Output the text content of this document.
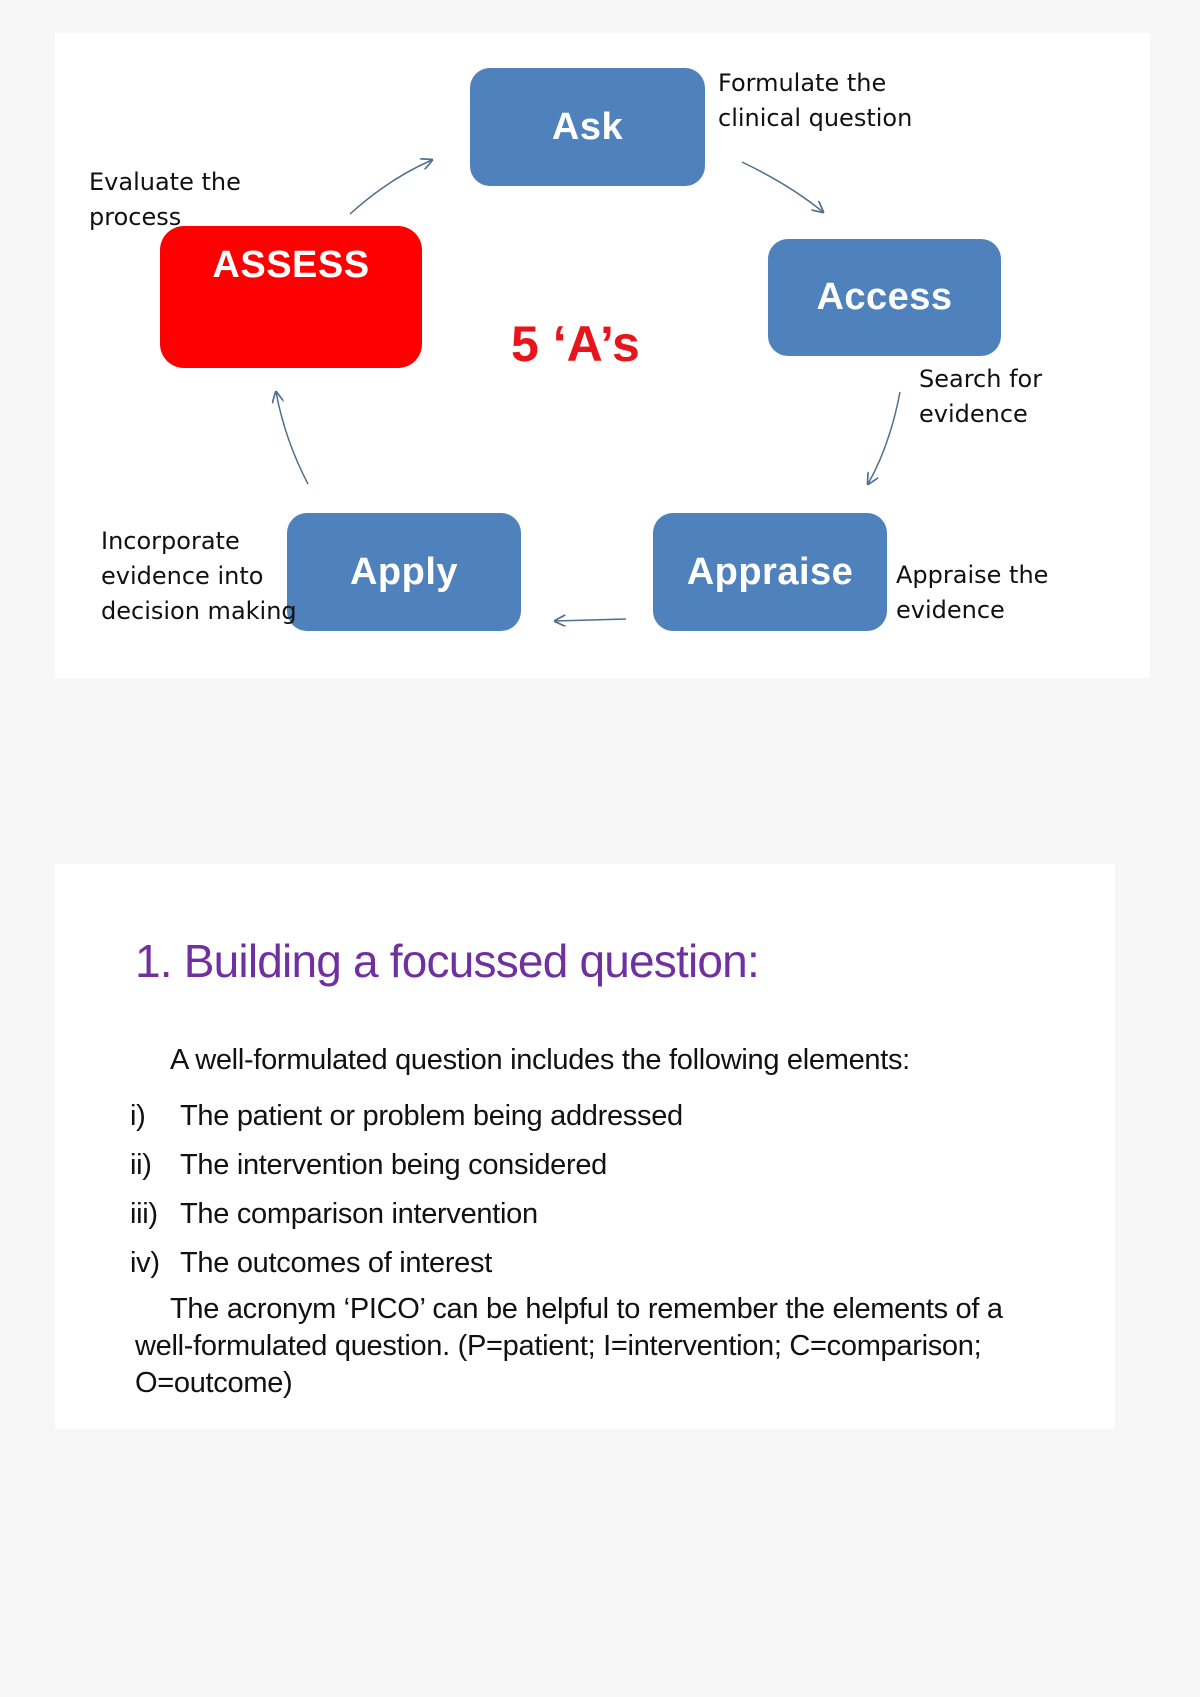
Ask
Access
Appraise
Apply
ASSESS
5 ‘A’s
Formulate the
clinical question
Search for
evidence
Appraise the
evidence
Incorporate
evidence into
decision making
Evaluate the
process
1. Building a focussed question:
A well-formulated question includes the following elements:
i)	The patient or problem being addressed
ii) The intervention being considered
iii) The comparison intervention
iv) The outcomes of interest
The acronym ‘PICO’ can be helpful to remember the elements of a
well-formulated question. (P=patient; I=intervention; C=comparison;
O=outcome)
